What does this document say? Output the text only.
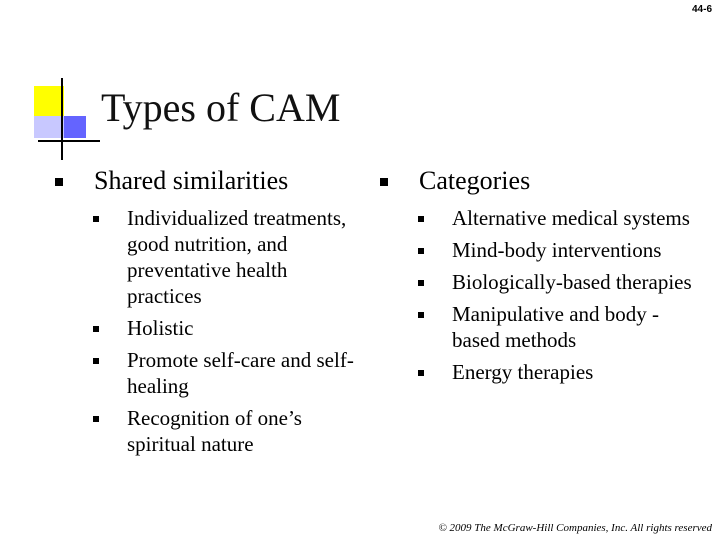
44-6
Types of CAM
Shared similarities
Individualized treatments, good nutrition, and preventative health practices
Holistic
Promote self-care and self-healing
Recognition of one’s spiritual nature
Categories
Alternative medical systems
Mind-body interventions
Biologically-based therapies
Manipulative and body -based methods
Energy therapies
© 2009 The McGraw-Hill Companies, Inc. All rights reserved
